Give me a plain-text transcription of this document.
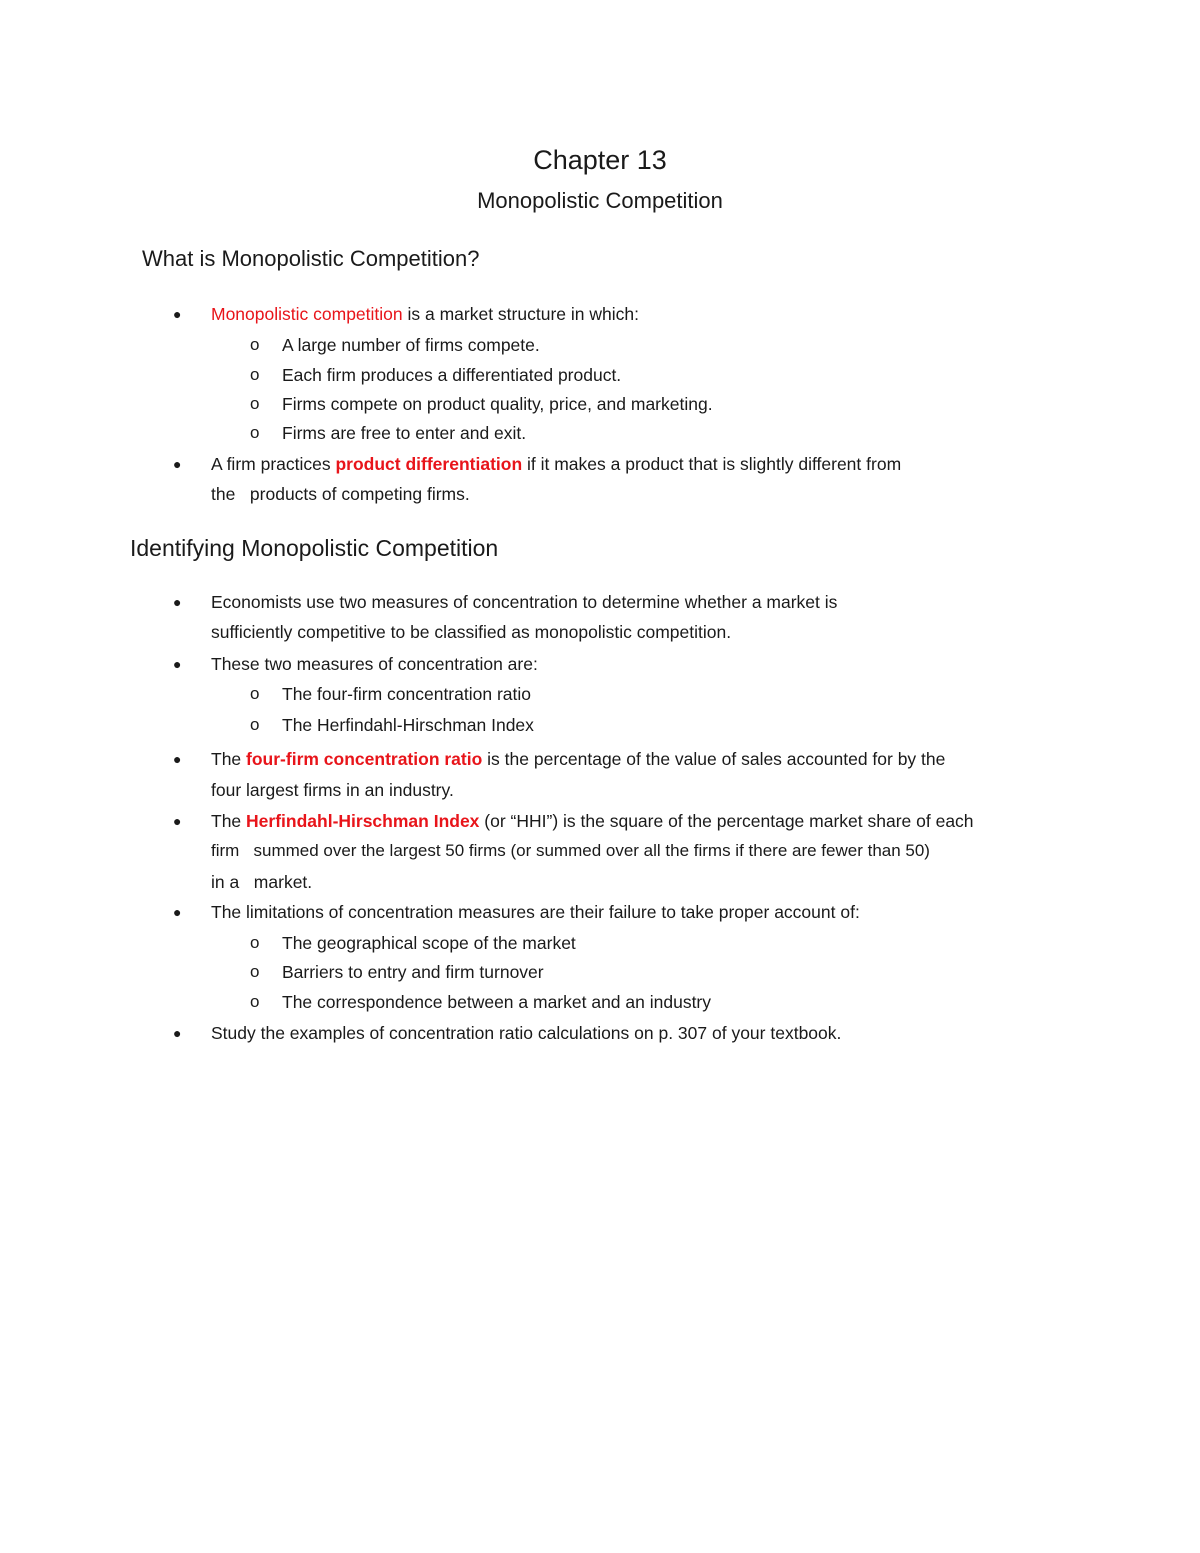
Chapter 13
Monopolistic Competition
What is Monopolistic Competition?
● Monopolistic competition is a market structure in which:
o A large number of firms compete.
o Each firm produces a differentiated product.
o Firms compete on product quality, price, and marketing.
o Firms are free to enter and exit.
● A firm practices product differentiation if it makes a product that is slightly different from
the   products of competing firms.
Identifying Monopolistic Competition
● Economists use two measures of concentration to determine whether a market is
sufficiently competitive to be classified as monopolistic competition.
● These two measures of concentration are:
o The four-firm concentration ratio
o The Herfindahl-Hirschman Index
● The four-firm concentration ratio is the percentage of the value of sales accounted for by the
four largest firms in an industry.
● The Herfindahl-Hirschman Index (or “HHI”) is the square of the percentage market share of each
firm   summed over the largest 50 firms (or summed over all the firms if there are fewer than 50)
in a   market.
● The limitations of concentration measures are their failure to take proper account of:
o The geographical scope of the market
o Barriers to entry and firm turnover
o The correspondence between a market and an industry
● Study the examples of concentration ratio calculations on p. 307 of your textbook.
